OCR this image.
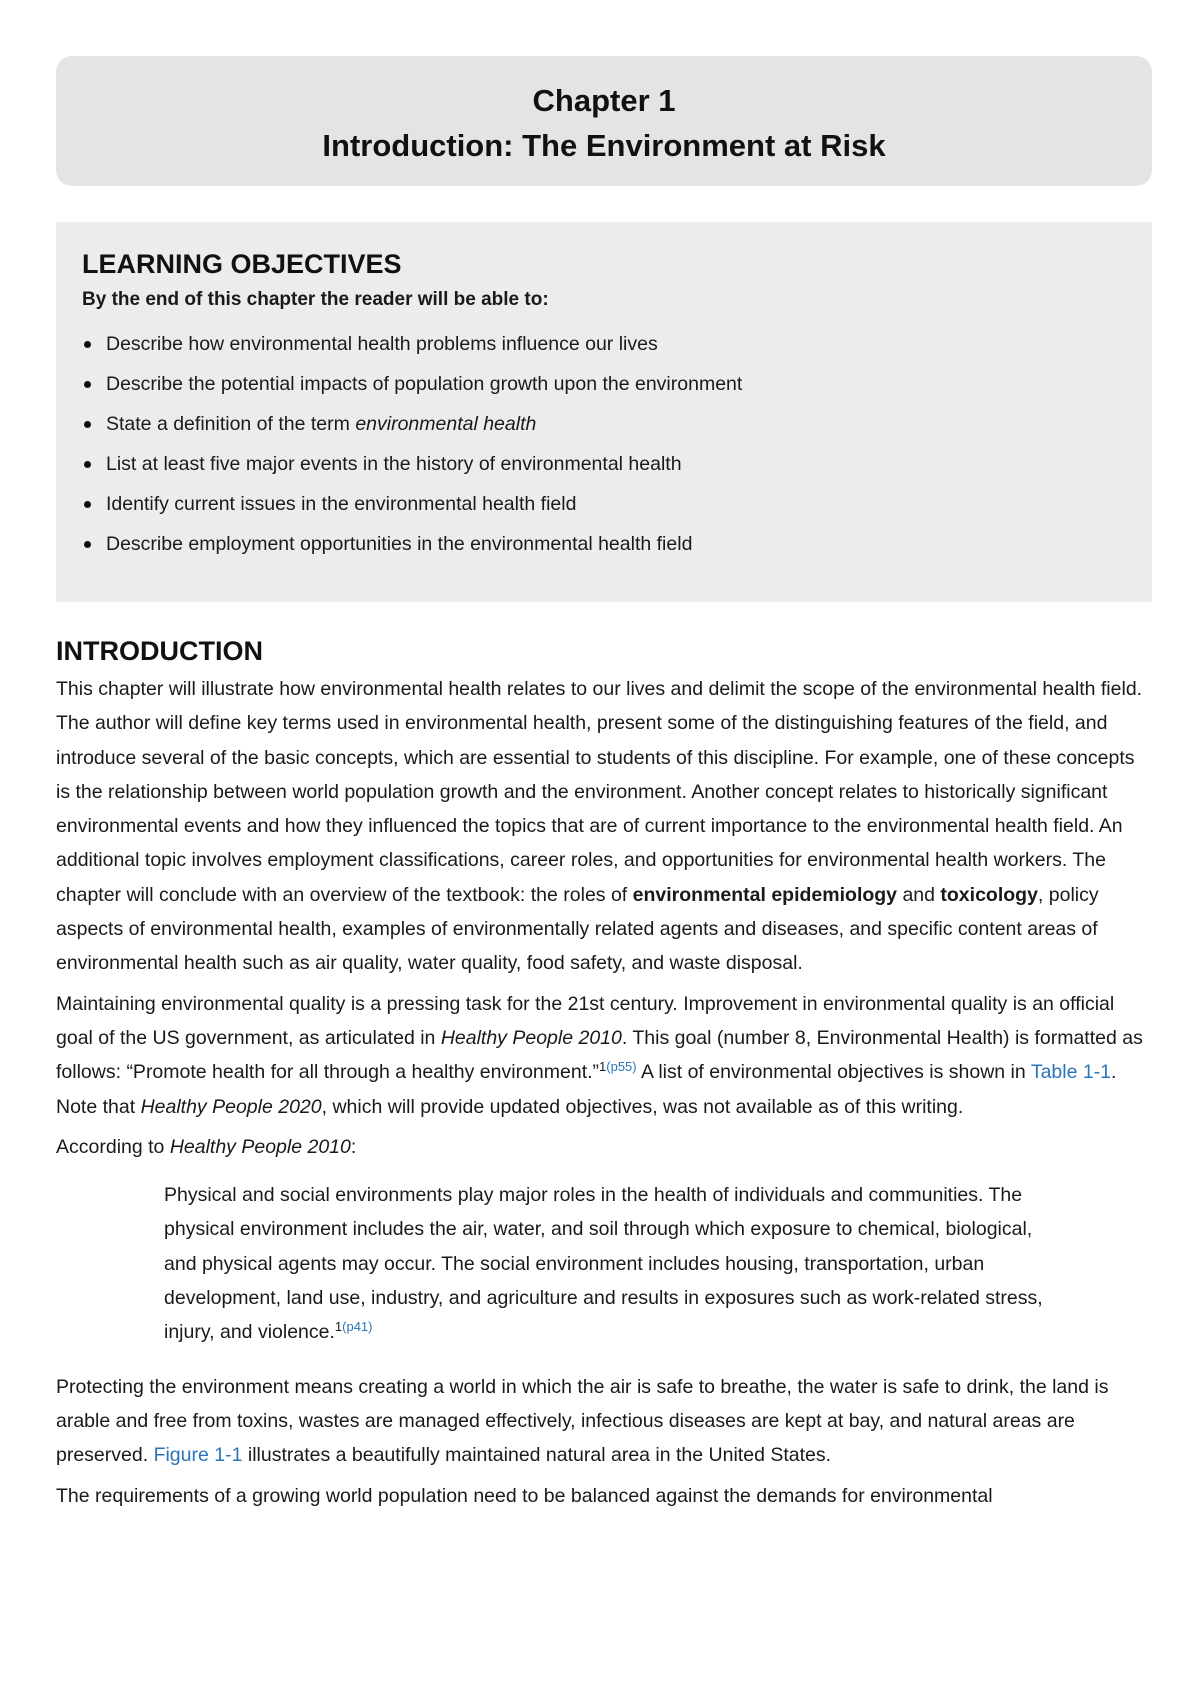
Chapter 1
Introduction: The Environment at Risk
LEARNING OBJECTIVES
By the end of this chapter the reader will be able to:
Describe how environmental health problems influence our lives
Describe the potential impacts of population growth upon the environment
State a definition of the term environmental health
List at least five major events in the history of environmental health
Identify current issues in the environmental health field
Describe employment opportunities in the environmental health field
INTRODUCTION

This chapter will illustrate how environmental health relates to our lives and delimit the scope of the environmental health field. The author will define key terms used in environmental health, present some of the distinguishing features of the field, and introduce several of the basic concepts, which are essential to students of this discipline. For example, one of these concepts is the relationship between world population growth and the environment. Another concept relates to historically significant environmental events and how they influenced the topics that are of current importance to the environmental health field. An additional topic involves employment classifications, career roles, and opportunities for environmental health workers. The chapter will conclude with an overview of the textbook: the roles of environmental epidemiology and toxicology, policy aspects of environmental health, examples of environmentally related agents and diseases, and specific content areas of environmental health such as air quality, water quality, food safety, and waste disposal.

Maintaining environmental quality is a pressing task for the 21st century. Improvement in environmental quality is an official goal of the US government, as articulated in Healthy People 2010. This goal (number 8, Environmental Health) is formatted as follows: “Promote health for all through a healthy environment.”$^{1(p55)}$ A list of environmental objectives is shown in Table 1-1. Note that Healthy People 2020, which will provide updated objectives, was not available as of this writing.

According to Healthy People 2010:

Physical and social environments play major roles in the health of individuals and communities. The physical environment includes the air, water, and soil through which exposure to chemical, biological, and physical agents may occur. The social environment includes housing, transportation, urban development, land use, industry, and agriculture and results in exposures such as work-related stress, injury, and violence.$^{1(p41)}$

Protecting the environment means creating a world in which the air is safe to breathe, the water is safe to drink, the land is arable and free from toxins, wastes are managed effectively, infectious diseases are kept at bay, and natural areas are preserved. Figure 1-1 illustrates a beautifully maintained natural area in the United States.

The requirements of a growing world population need to be balanced against the demands for environmental
